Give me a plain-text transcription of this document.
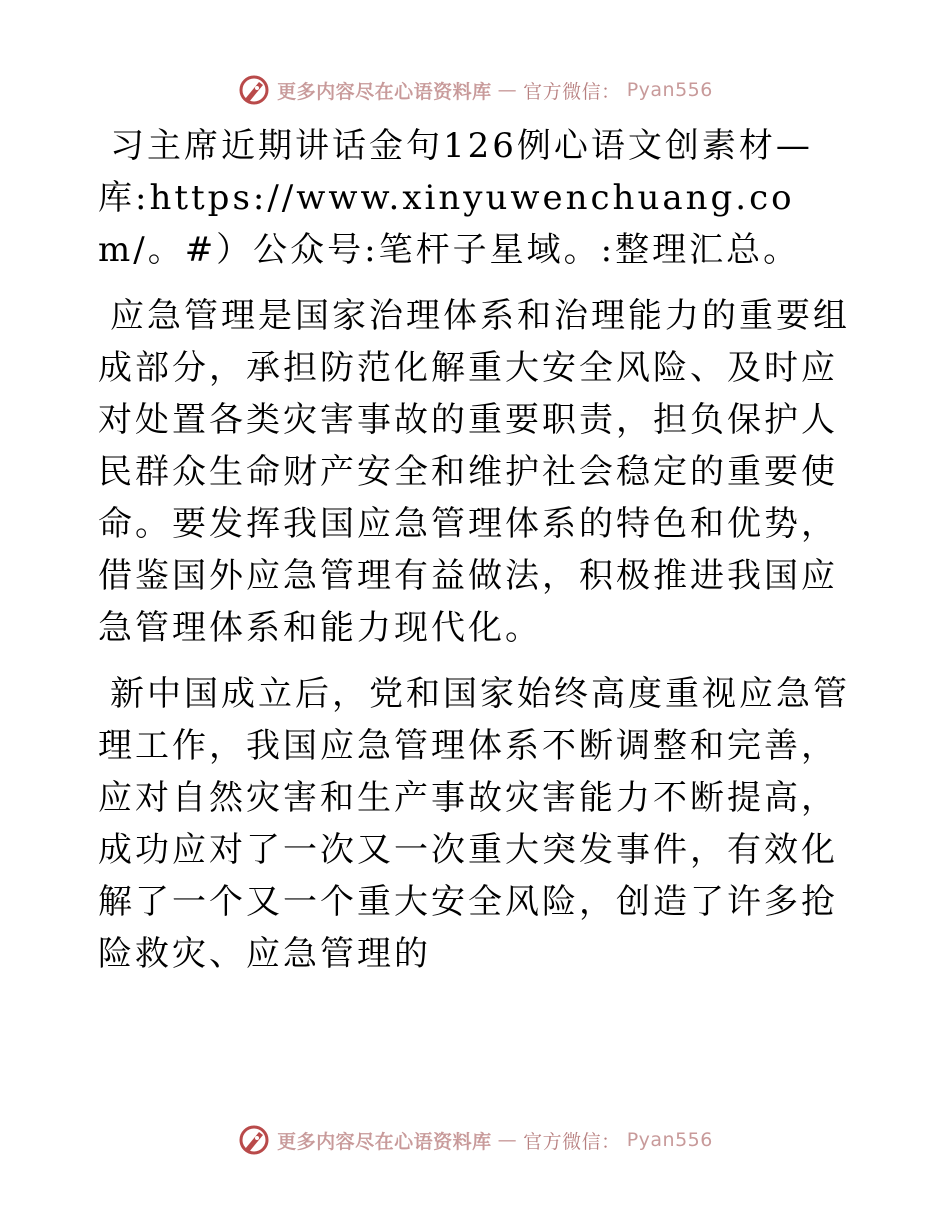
更多内容尽在心语资料库 — 官方微信： Pyan556

习主席近期讲话金句126例心语文创素材—库:https://www.xinyuwenchuang.com/。#）公众号:笔杆子星域。:整理汇总。

应急管理是国家治理体系和治理能力的重要组成部分，承担防范化解重大安全风险、及时应对处置各类灾害事故的重要职责，担负保护人民群众生命财产安全和维护社会稳定的重要使命。要发挥我国应急管理体系的特色和优势，借鉴国外应急管理有益做法，积极推进我国应急管理体系和能力现代化。

新中国成立后，党和国家始终高度重视应急管理工作，我国应急管理体系不断调整和完善，应对自然灾害和生产事故灾害能力不断提高，成功应对了一次又一次重大突发事件，有效化解了一个又一个重大安全风险，创造了许多抢险救灾、应急管理的

更多内容尽在心语资料库 — 官方微信： Pyan556
